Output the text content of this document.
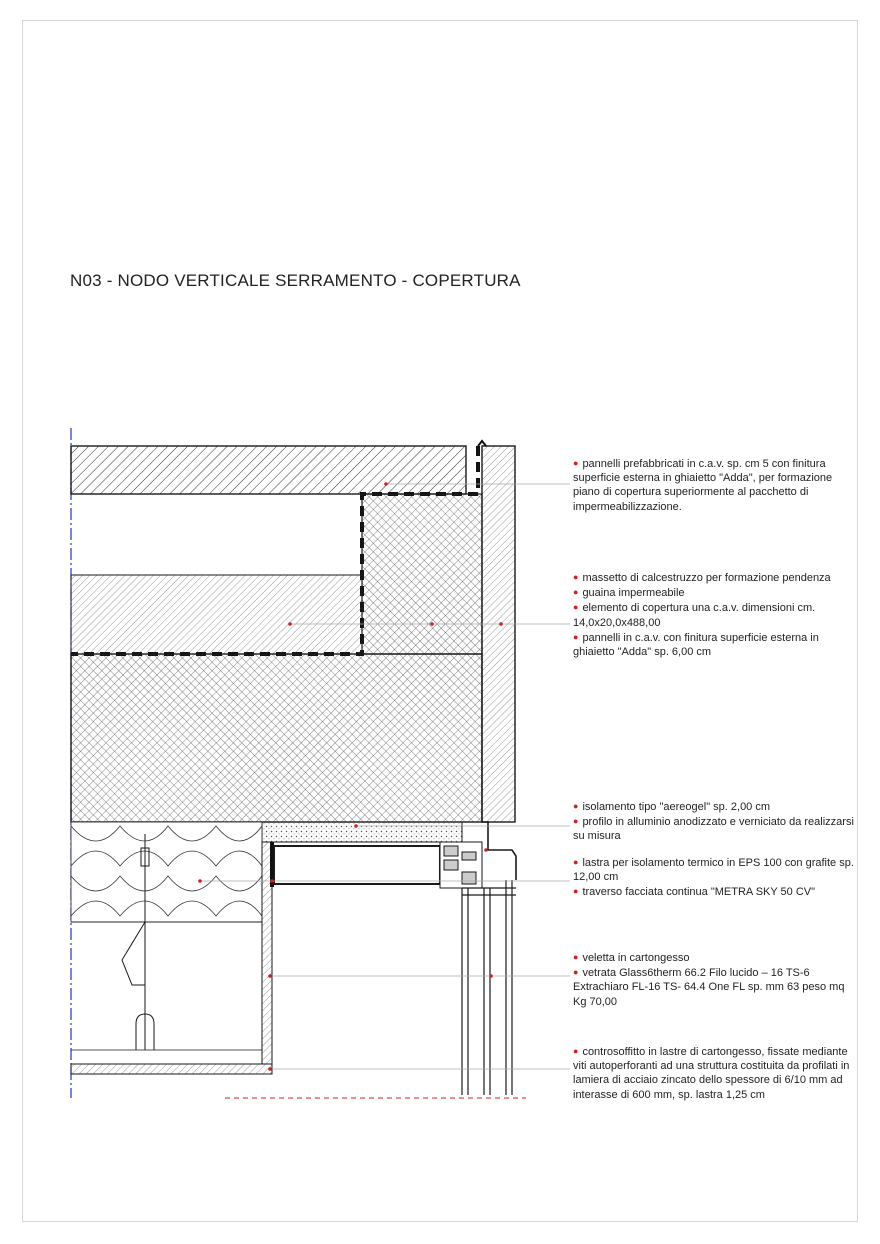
N03 - NODO VERTICALE SERRAMENTO - COPERTURA
● pannelli prefabbricati in c.a.v. sp. cm 5 con finitura superficie esterna in ghiaietto "Adda", per formazione piano di copertura superiormente al pacchetto di impermeabilizzazione.
● massetto di calcestruzzo per formazione pendenza
● guaina impermeabile
● elemento di copertura una c.a.v. dimensioni cm. 14,0x20,0x488,00
● pannelli in c.a.v. con finitura superficie esterna in ghiaietto "Adda" sp. 6,00 cm
● isolamento tipo "aereogel" sp. 2,00 cm
● profilo in alluminio anodizzato e verniciato da realizzarsi su misura
● lastra per isolamento termico in EPS 100 con grafite sp. 12,00 cm
● traverso facciata continua "METRA SKY 50 CV"
● veletta in cartongesso
● vetrata Glass6therm 66.2 Filo lucido – 16 TS-6 Extrachiaro FL-16 TS- 64.4 One FL sp. mm 63 peso mq Kg 70,00
● controsoffitto in lastre di cartongesso, fissate mediante viti autoperforanti ad una struttura costituita da profilati in lamiera di acciaio zincato dello spessore di 6/10 mm ad interasse di 600 mm, sp. lastra 1,25 cm
